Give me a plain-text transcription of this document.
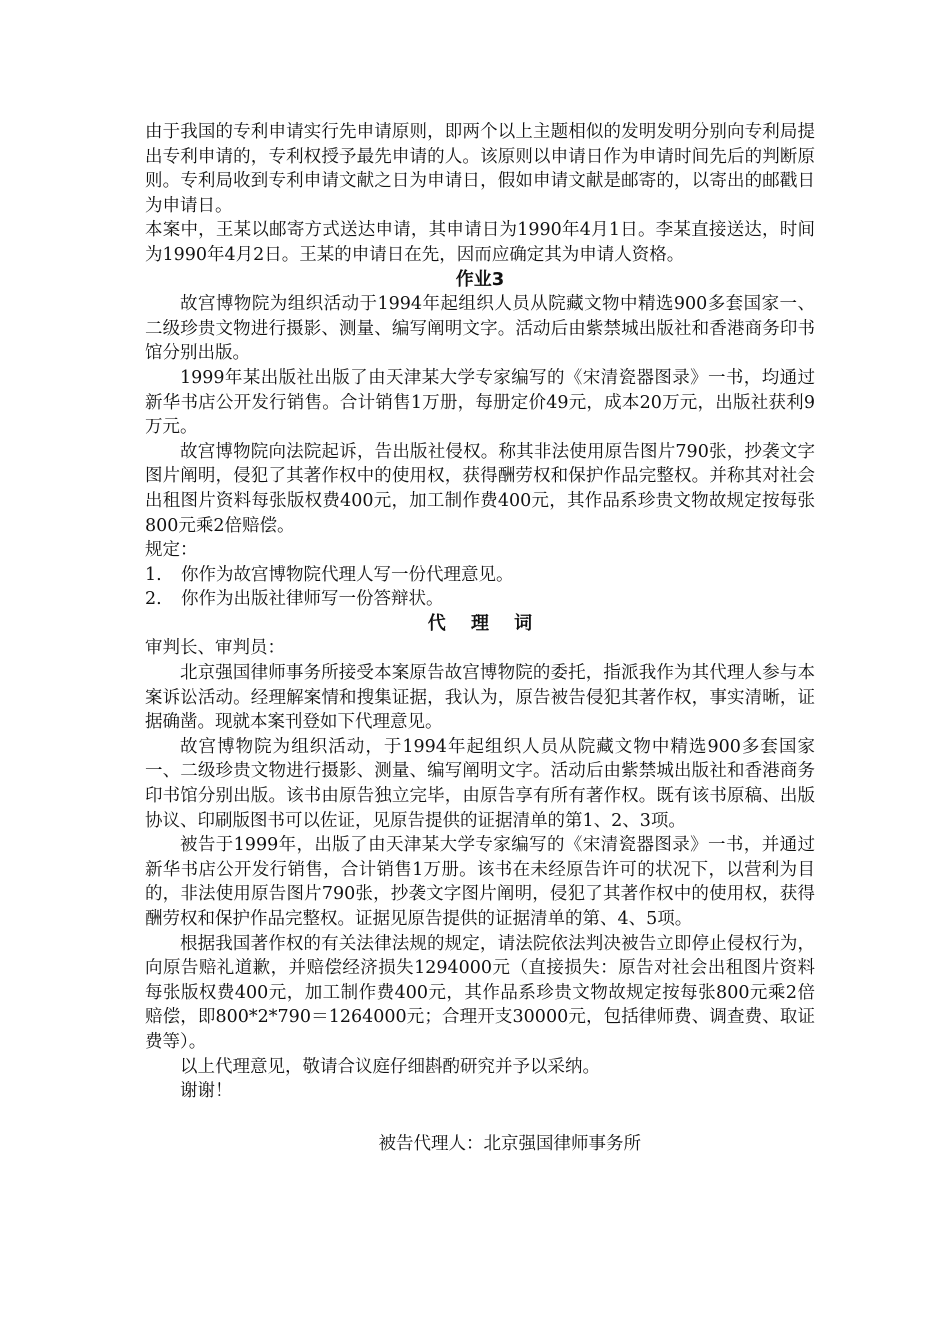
由于我国的专利申请实行先申请原则，即两个以上主题相似的发明发明分别向专利局提出专利申请的，专利权授予最先申请的人。该原则以申请日作为申请时间先后的判断原则。专利局收到专利申请文献之日为申请日，假如申请文献是邮寄的，以寄出的邮戳日为申请日。

本案中，王某以邮寄方式送达申请，其申请日为1990年4月1日。李某直接送达，时间为1990年4月2日。王某的申请日在先，因而应确定其为申请人资格。

作业3

故宫博物院为组织活动于1994年起组织人员从院藏文物中精选900多套国家一、二级珍贵文物进行摄影、测量、编写阐明文字。活动后由紫禁城出版社和香港商务印书馆分别出版。

1999年某出版社出版了由天津某大学专家编写的《宋清瓷器图录》一书，均通过新华书店公开发行销售。合计销售1万册，每册定价49元，成本20万元，出版社获利9万元。

故宫博物院向法院起诉，告出版社侵权。称其非法使用原告图片790张，抄袭文字图片阐明，侵犯了其著作权中的使用权，获得酬劳权和保护作品完整权。并称其对社会出租图片资料每张版权费400元，加工制作费400元，其作品系珍贵文物故规定按每张800元乘2倍赔偿。

规定：

1. 你作为故宫博物院代理人写一份代理意见。

2. 你作为出版社律师写一份答辩状。

代理词

审判长、审判员：

北京强国律师事务所接受本案原告故宫博物院的委托，指派我作为其代理人参与本案诉讼活动。经理解案情和搜集证据，我认为，原告被告侵犯其著作权，事实清晰，证据确凿。现就本案刊登如下代理意见。

故宫博物院为组织活动，于1994年起组织人员从院藏文物中精选900多套国家一、二级珍贵文物进行摄影、测量、编写阐明文字。活动后由紫禁城出版社和香港商务印书馆分别出版。该书由原告独立完毕，由原告享有所有著作权。既有该书原稿、出版协议、印刷版图书可以佐证，见原告提供的证据清单的第1、2、3项。

被告于1999年，出版了由天津某大学专家编写的《宋清瓷器图录》一书，并通过新华书店公开发行销售，合计销售1万册。该书在未经原告许可的状况下，以营利为目的，非法使用原告图片790张，抄袭文字图片阐明，侵犯了其著作权中的使用权，获得酬劳权和保护作品完整权。证据见原告提供的证据清单的第、4、5项。

根据我国著作权的有关法律法规的规定，请法院依法判决被告立即停止侵权行为，向原告赔礼道歉，并赔偿经济损失1294000元（直接损失：原告对社会出租图片资料每张版权费400元，加工制作费400元，其作品系珍贵文物故规定按每张800元乘2倍赔偿，即800*2*790＝1264000元；合理开支30000元，包括律师费、调查费、取证费等）。

以上代理意见，敬请合议庭仔细斟酌研究并予以采纳。

谢谢！

被告代理人：北京强国律师事务所
